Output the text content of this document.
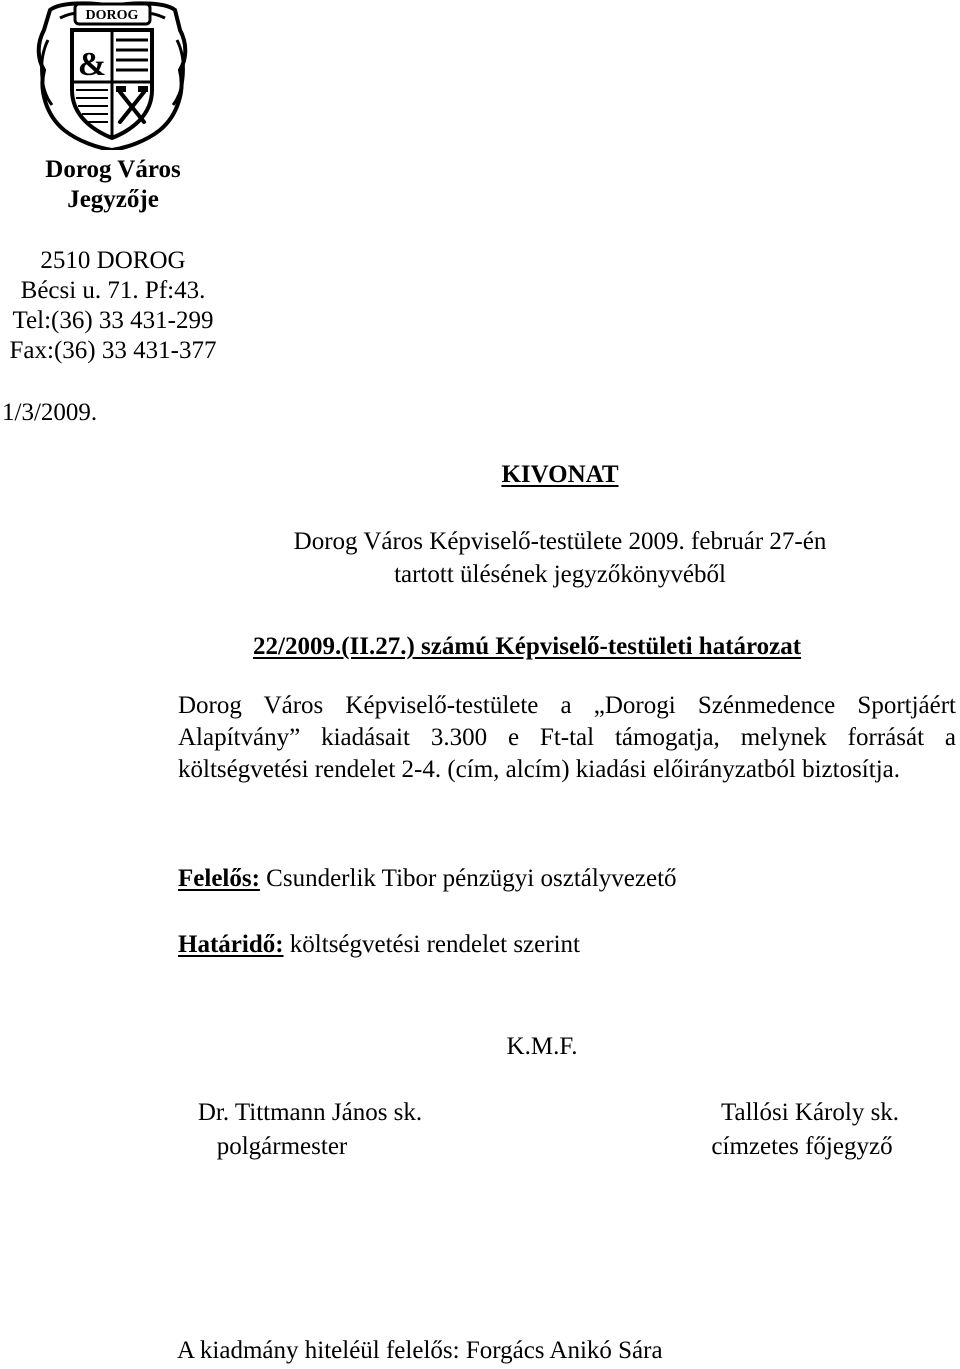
DOROG
&
Dorog Város
Jegyzője
2510 DOROG
Bécsi u. 71. Pf:43.
Tel:(36) 33 431-299
Fax:(36) 33 431-377
1/3/2009.
KIVONAT
Dorog Város Képviselő-testülete 2009. február 27-én
tartott ülésének jegyzőkönyvéből
22/2009.(II.27.) számú Képviselő-testületi határozat
Dorog Város Képviselő-testülete a „Dorogi Szénmedence Sportjáért Alapítvány” kiadásait 3.300 e Ft-tal támogatja, melynek forrását a költségvetési rendelet 2-4. (cím, alcím) kiadási előirányzatból biztosítja.
Felelős: Csunderlik Tibor pénzügyi osztályvezető
Határidő: költségvetési rendelet szerint
K.M.F.
Dr. Tittmann János sk.
polgármester
Tallósi Károly sk.
címzetes főjegyző
A kiadmány hiteléül felelős: Forgács Anikó Sára
